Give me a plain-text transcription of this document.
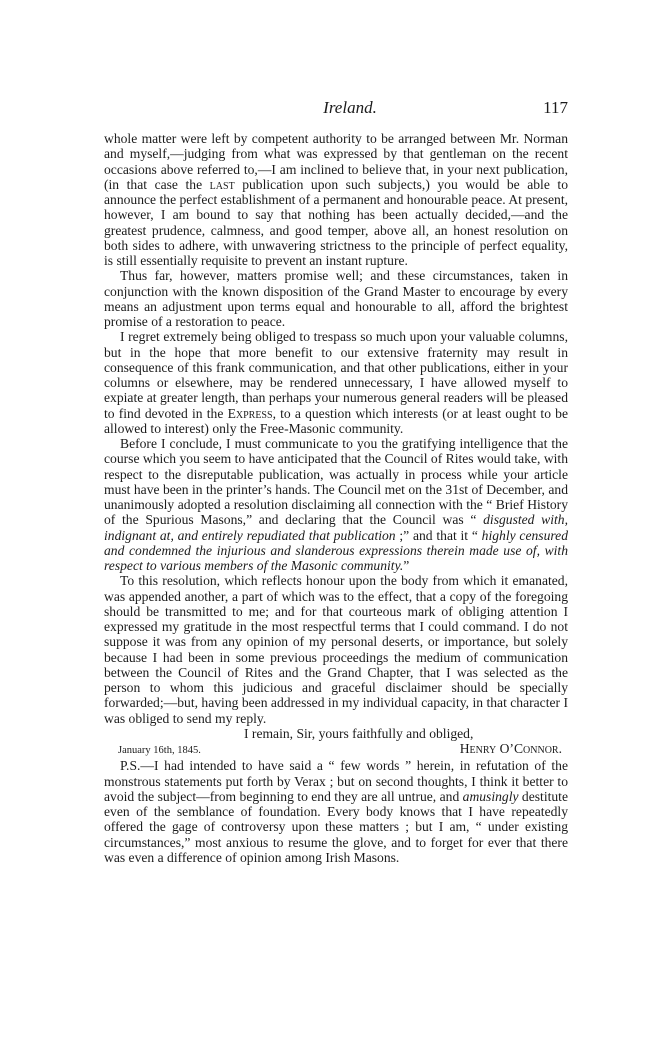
Ireland.	117

whole matter were left by competent authority to be arranged between Mr. Norman and myself,—judging from what was expressed by that gentleman on the recent occasions above referred to,—I am inclined to believe that, in your next publication, (in that case the last publication upon such subjects,) you would be able to announce the perfect establishment of a permanent and honourable peace. At present, however, I am bound to say that nothing has been actually decided,—and the greatest prudence, calmness, and good temper, above all, an honest resolution on both sides to adhere, with unwavering strictness to the principle of perfect equality, is still essentially requisite to prevent an instant rupture.

Thus far, however, matters promise well; and these circumstances, taken in conjunction with the known disposition of the Grand Master to encourage by every means an adjustment upon terms equal and honourable to all, afford the brightest promise of a restoration to peace.

I regret extremely being obliged to trespass so much upon your valuable columns, but in the hope that more benefit to our extensive fraternity may result in consequence of this frank communication, and that other publications, either in your columns or elsewhere, may be rendered unnecessary, I have allowed myself to expiate at greater length, than perhaps your numerous general readers will be pleased to find devoted in the Express, to a question which interests (or at least ought to be allowed to interest) only the Free-Masonic community.

Before I conclude, I must communicate to you the gratifying intelligence that the course which you seem to have anticipated that the Council of Rites would take, with respect to the disreputable publication, was actually in process while your article must have been in the printer’s hands. The Council met on the 31st of December, and unanimously adopted a resolution disclaiming all connection with the “ Brief History of the Spurious Masons,” and declaring that the Council was “ disgusted with, indignant at, and entirely repudiated that publication ;” and that it “ highly censured and condemned the injurious and slanderous expressions therein made use of, with respect to various members of the Masonic community.”

To this resolution, which reflects honour upon the body from which it emanated, was appended another, a part of which was to the effect, that a copy of the foregoing should be transmitted to me; and for that courteous mark of obliging attention I expressed my gratitude in the most respectful terms that I could command. I do not suppose it was from any opinion of my personal deserts, or importance, but solely because I had been in some previous proceedings the medium of communication between the Council of Rites and the Grand Chapter, that I was selected as the person to whom this judicious and graceful disclaimer should be specially forwarded;—but, having been addressed in my individual capacity, in that character I was obliged to send my reply.

I remain, Sir, yours faithfully and obliged,

January 16th, 1845.	Henry O’Connor.

P.S.—I had intended to have said a “ few words ” herein, in refutation of the monstrous statements put forth by Verax ; but on second thoughts, I think it better to avoid the subject—from beginning to end they are all untrue, and amusingly destitute even of the semblance of foundation. Every body knows that I have repeatedly offered the gage of controversy upon these matters ; but I am, “ under existing circumstances,” most anxious to resume the glove, and to forget for ever that there was even a difference of opinion among Irish Masons.
